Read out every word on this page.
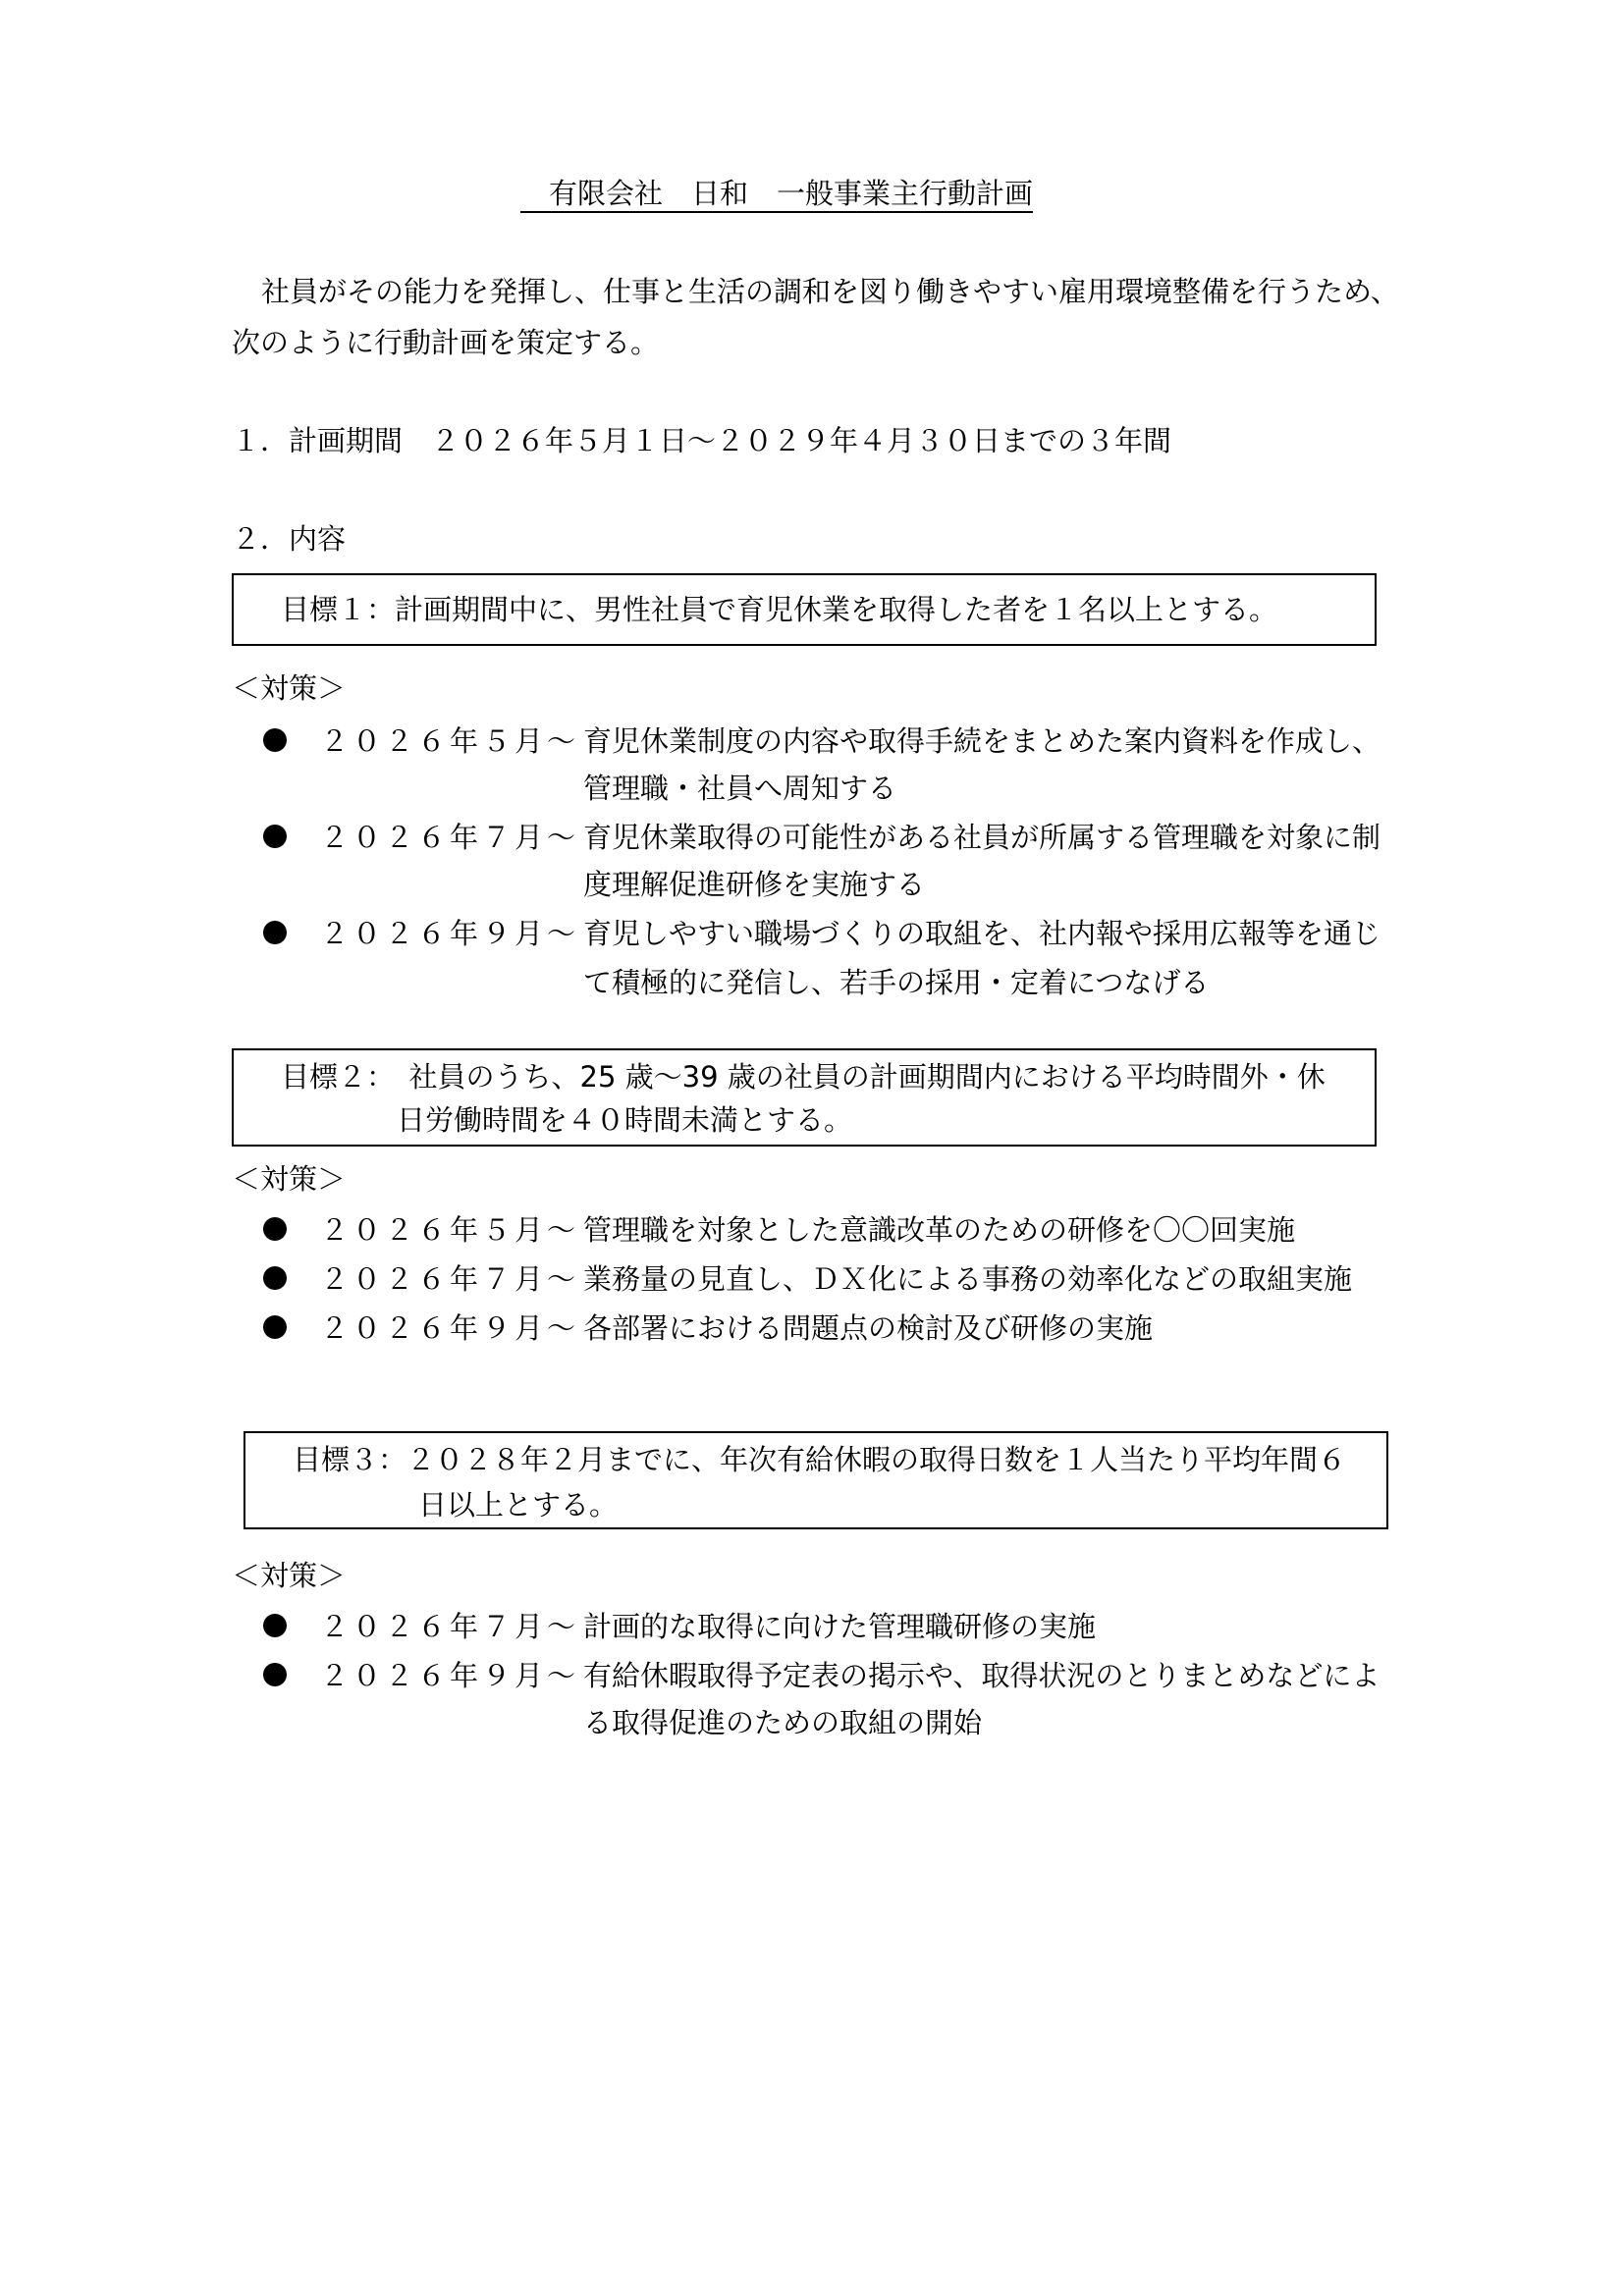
　有限会社　日和　一般事業主行動計画
社員がその能力を発揮し、仕事と生活の調和を図り働きやすい雇用環境整備を行うため、
次のように行動計画を策定する。
１．計画期間　２０２６年５月１日～２０２９年４月３０日までの３年間
２．内容
目標１：計画期間中に、男性社員で育児休業を取得した者を１名以上とする。
＜対策＞
２０２６年５月～ 育児休業制度の内容や取得手続をまとめた案内資料を作成し、
管理職・社員へ周知する
２０２６年７月～ 育児休業取得の可能性がある社員が所属する管理職を対象に制
度理解促進研修を実施する
２０２６年９月～ 育児しやすい職場づくりの取組を、社内報や採用広報等を通じ
て積極的に発信し、若手の採用・定着につなげる
目標２：　社員のうち、25 歳～39 歳の社員の計画期間内における平均時間外・休
日労働時間を４０時間未満とする。
＜対策＞
２０２６年５月～ 管理職を対象とした意識改革のための研修を〇〇回実施
２０２６年７月～ 業務量の見直し、ＤＸ化による事務の効率化などの取組実施
２０２６年９月～ 各部署における問題点の検討及び研修の実施
目標３：２０２８年２月までに、年次有給休暇の取得日数を１人当たり平均年間６
日以上とする。
＜対策＞
２０２６年７月～ 計画的な取得に向けた管理職研修の実施
２０２６年９月～ 有給休暇取得予定表の掲示や、取得状況のとりまとめなどによ
る取得促進のための取組の開始
